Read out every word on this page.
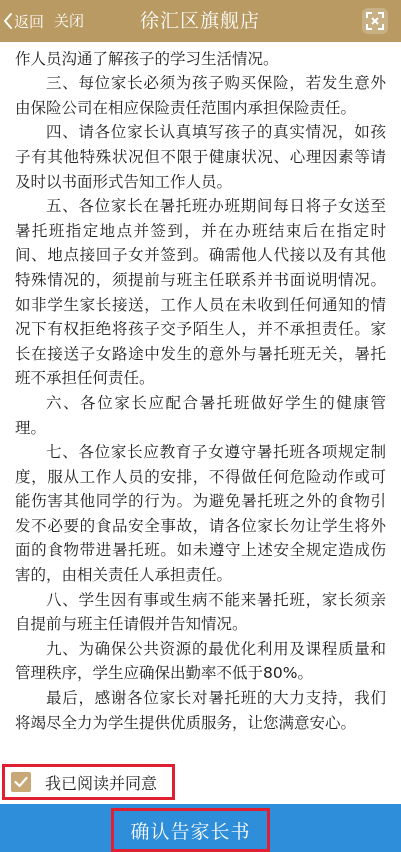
返回 关闭	徐汇区旗舰店

作人员沟通了解孩子的学习生活情况。

三、每位家长必须为孩子购买保险，若发生意外由保险公司在相应保险责任范围内承担保险责任。

四、请各位家长认真填写孩子的真实情况，如孩子有其他特殊状况但不限于健康状况、心理因素等请及时以书面形式告知工作人员。

五、各位家长在暑托班办班期间每日将子女送至暑托班指定地点并签到，并在办班结束后在指定时间、地点接回子女并签到。确需他人代接以及有其他特殊情况的，须提前与班主任联系并书面说明情况。如非学生家长接送，工作人员在未收到任何通知的情况下有权拒绝将孩子交予陌生人，并不承担责任。家长在接送子女路途中发生的意外与暑托班无关，暑托班不承担任何责任。

六、各位家长应配合暑托班做好学生的健康管理。

七、各位家长应教育子女遵守暑托班各项规定制度，服从工作人员的安排，不得做任何危险动作或可能伤害其他同学的行为。为避免暑托班之外的食物引发不必要的食品安全事故，请各位家长勿让学生将外面的食物带进暑托班。如未遵守上述安全规定造成伤害的，由相关责任人承担责任。

八、学生因有事或生病不能来暑托班，家长须亲自提前与班主任请假并告知情况。

九、为确保公共资源的最优化利用及课程质量和管理秩序，学生应确保出勤率不低于80%。

最后，感谢各位家长对暑托班的大力支持，我们将竭尽全力为学生提供优质服务，让您满意安心。

我已阅读并同意
确认告家长书
